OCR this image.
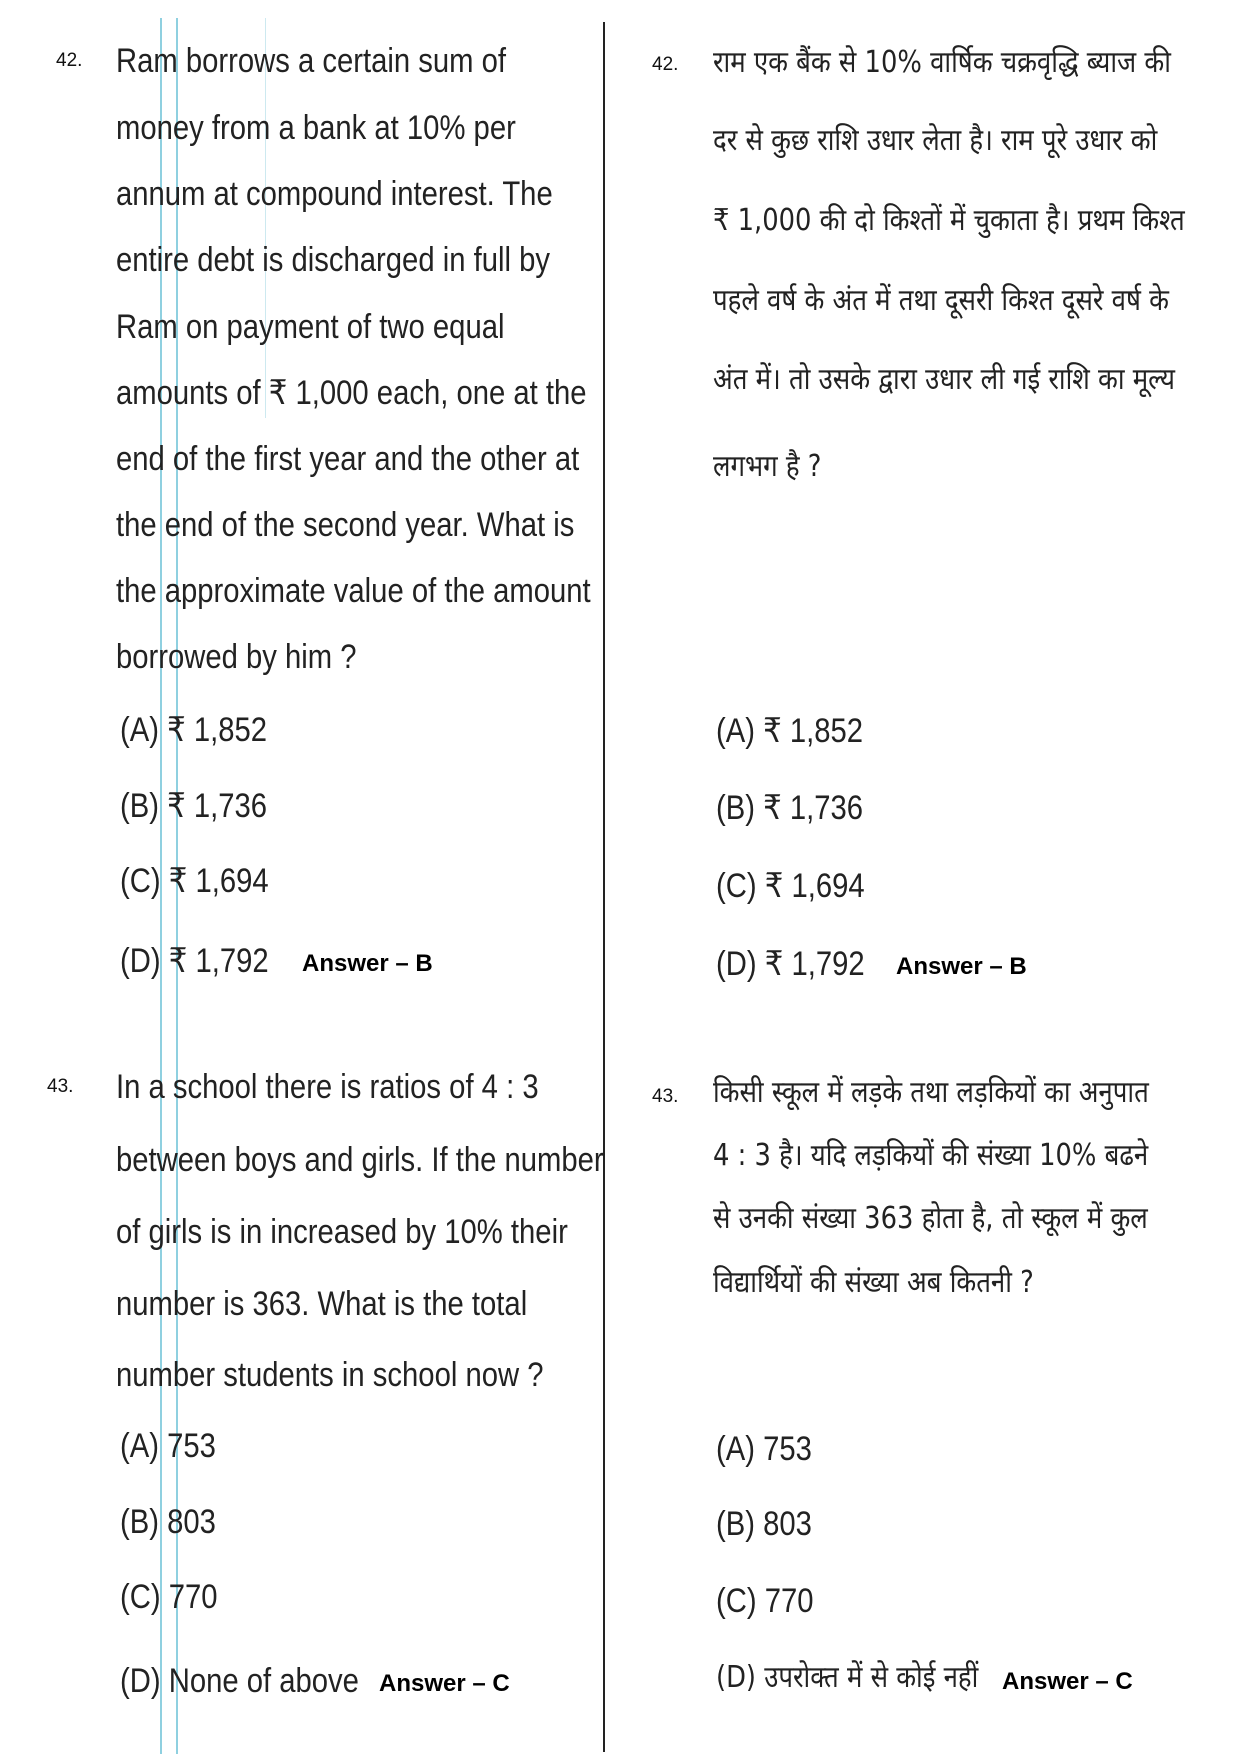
42. Ram borrows a certain sum of
money from a bank at 10% per
annum at compound interest. The
entire debt is discharged in full by
Ram on payment of two equal
amounts of ₹ 1,000 each, one at the
end of the first year and the other at
the end of the second year. What is
the approximate value of the amount
borrowed by him ?
(A) ₹ 1,852
(B) ₹ 1,736
(C) ₹ 1,694
(D) ₹ 1,792 Answer – B
42. राम एक बैंक से 10% वार्षिक चक्रवृद्धि ब्याज की
दर से कुछ राशि उधार लेता है। राम पूरे उधार को
₹ 1,000 की दो किश्तों में चुकाता है। प्रथम किश्त
पहले वर्ष के अंत में तथा दूसरी किश्त दूसरे वर्ष के
अंत में। तो उसके द्वारा उधार ली गई राशि का मूल्य
लगभग है ?
(A) ₹ 1,852
(B) ₹ 1,736
(C) ₹ 1,694
(D) ₹ 1,792 Answer – B
43. In a school there is ratios of 4 : 3
between boys and girls. If the number
of girls is in increased by 10% their
number is 363. What is the total
number students in school now ?
(A) 753
(B) 803
(C) 770
(D) None of above Answer – C
43. किसी स्कूल में लड़के तथा लड़कियों का अनुपात
4 : 3 है। यदि लड़कियों की संख्या 10% बढने
से उनकी संख्या 363 होता है, तो स्कूल में कुल
विद्यार्थियों की संख्या अब कितनी ?
(A) 753
(B) 803
(C) 770
(D) उपरोक्त में से कोई नहीं Answer – C
